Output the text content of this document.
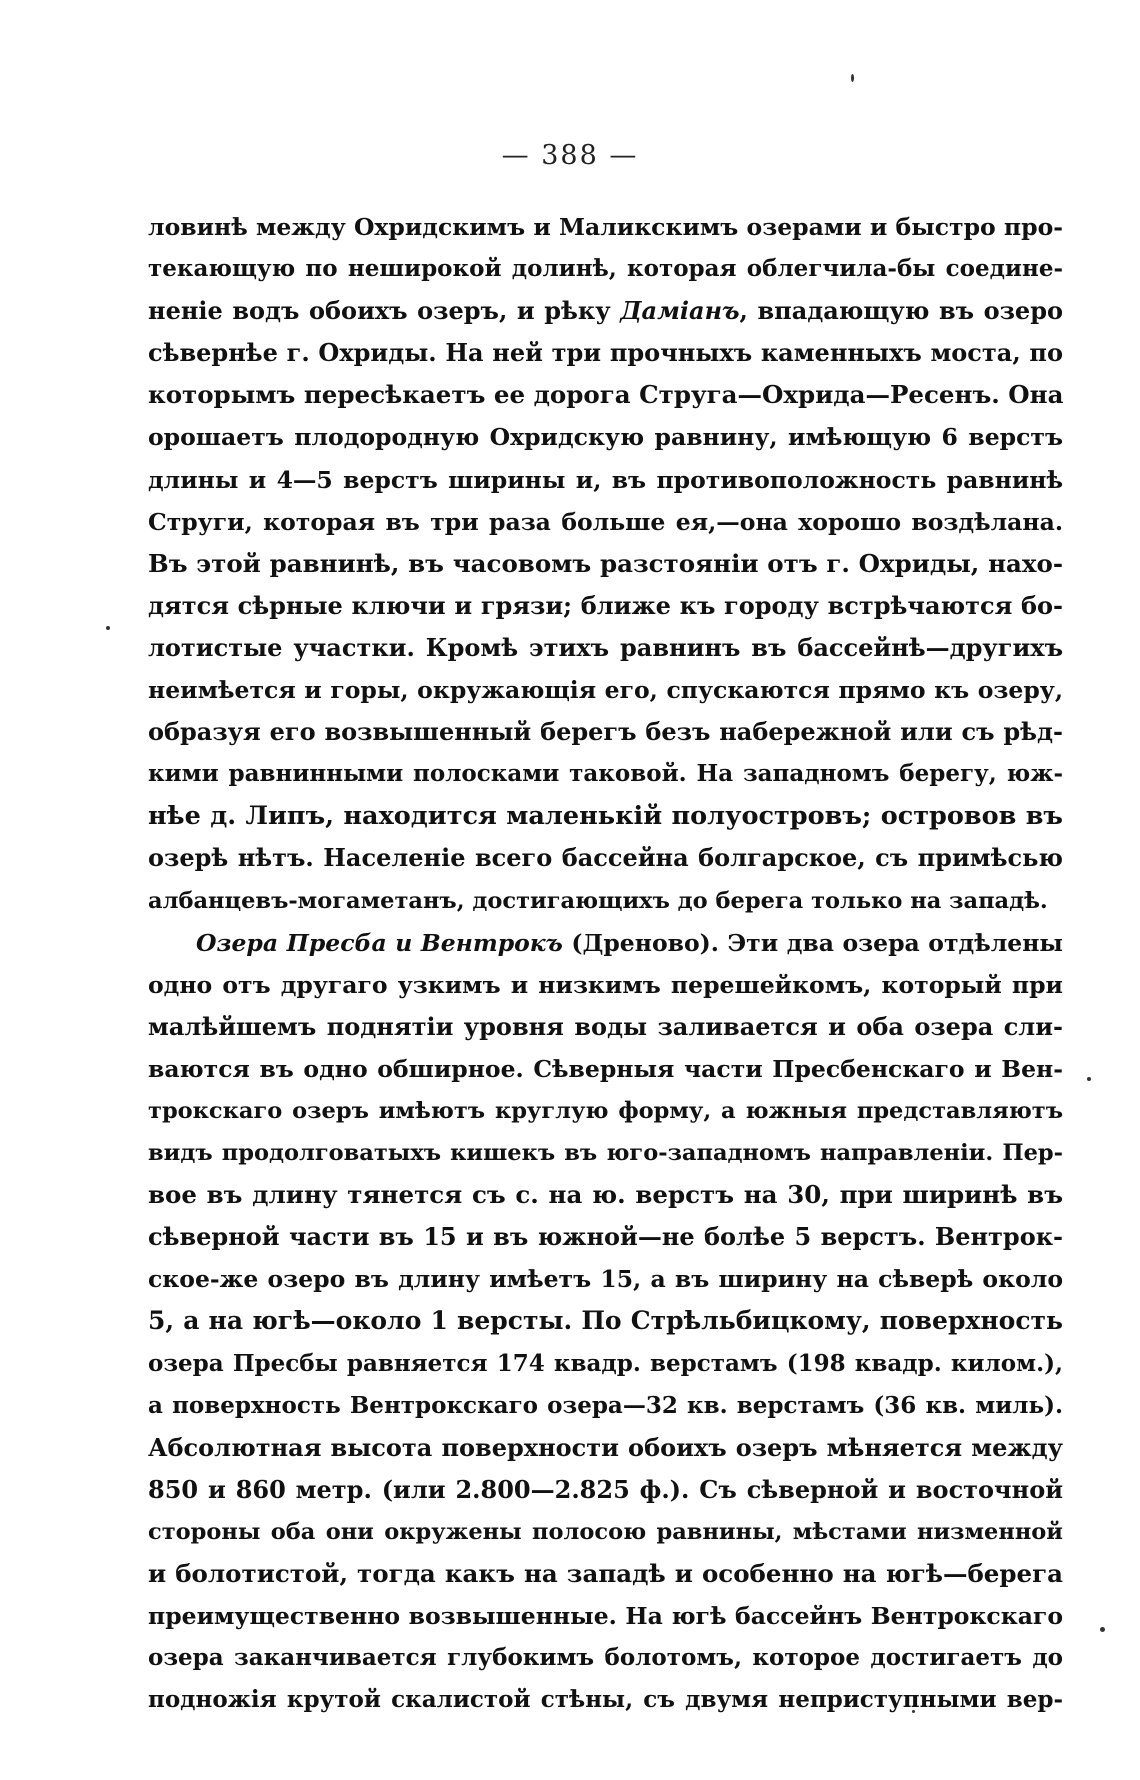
— 388 —
ловинѣ между Охридскимъ и Маликскимъ озерами и быстро про-
текающую по неширокой долинѣ, которая облегчила-бы соедине-
ненiе водъ обоихъ озеръ, и рѣку Дамiанъ, впадающую въ озеро
сѣвернѣе г. Охриды. На ней три прочныхъ каменныхъ моста, по
которымъ пересѣкаетъ ее дорога Струга—Охрида—Ресенъ. Она
орошаетъ плодородную Охридскую равнину, имѣющую 6 верстъ
длины и 4—5 верстъ ширины и, въ противоположность равнинѣ
Струги, которая въ три раза больше ея,—она хорошо воздѣлана.
Въ этой равнинѣ, въ часовомъ разстоянiи отъ г. Охриды, нахо-
дятся сѣрные ключи и грязи; ближе къ городу встрѣчаются бо-
лотистые участки. Кромѣ этихъ равнинъ въ бассейнѣ—другихъ
неимѣется и горы, окружающiя его, спускаются прямо къ озеру,
образуя его возвышенный берегъ безъ набережной или съ рѣд-
кими равнинными полосками таковой. На западномъ берегу, юж-
нѣе д. Липъ, находится маленькiй полуостровъ; островов въ
озерѣ нѣтъ. Населенiе всего бассейна болгарское, съ примѣсью
албанцевъ-могаметанъ, достигающихъ до берега только на западѣ.
Озера Пресба и Вентрокъ (Дреново). Эти два озера отдѣлены
одно отъ другаго узкимъ и низкимъ перешейкомъ, который при
малѣйшемъ поднятiи уровня воды заливается и оба озера сли-
ваются въ одно обширное. Сѣверныя части Пресбенскаго и Вен-
трокскаго озеръ имѣютъ круглую форму, а южныя представляютъ
видъ продолговатыхъ кишекъ въ юго-западномъ направленiи. Пер-
вое въ длину тянется съ с. на ю. верстъ на 30, при ширинѣ въ
сѣверной части въ 15 и въ южной—не болѣе 5 верстъ. Вентрок-
ское-же озеро въ длину имѣетъ 15, а въ ширину на сѣверѣ около
5, а на югѣ—около 1 версты. По Стрѣльбицкому, поверхность
озера Пресбы равняется 174 квадр. верстамъ (198 квадр. килом.),
а поверхность Вентрокскаго озера—32 кв. верстамъ (36 кв. миль).
Абсолютная высота поверхности обоихъ озеръ мѣняется между
850 и 860 метр. (или 2.800—2.825 ф.). Съ сѣверной и восточной
стороны оба они окружены полосою равнины, мѣстами низменной
и болотистой, тогда какъ на западѣ и особенно на югѣ—берега
преимущественно возвышенные. На югѣ бассейнъ Вентрокскаго
озера заканчивается глубокимъ болотомъ, которое достигаетъ до
подножiя крутой скалистой стѣны, съ двумя неприступными вер-
